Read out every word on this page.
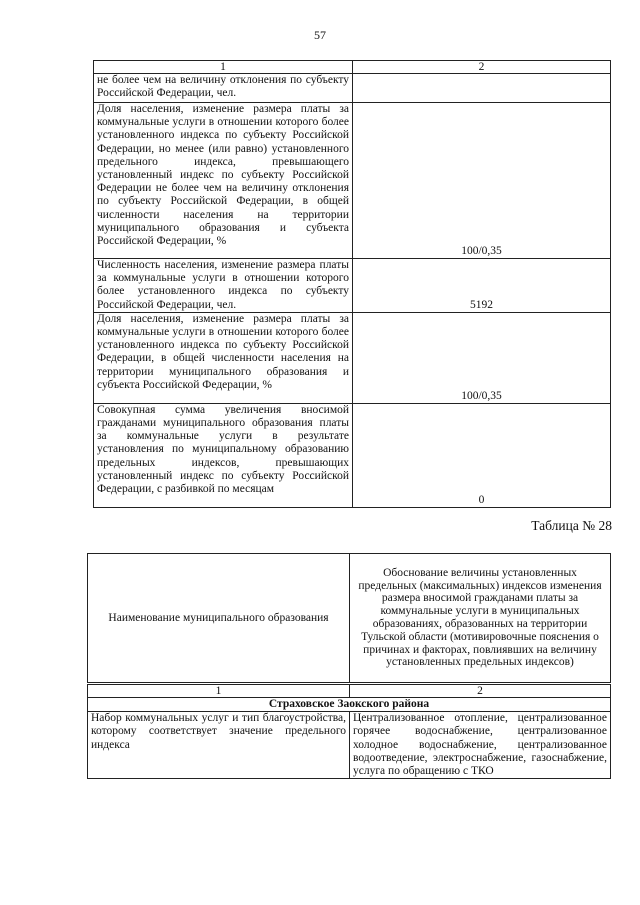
57
1	2
не более чем на величину отклонения по субъекту Российской Федерации, чел.	
Доля населения, изменение размера платы за коммунальные услуги в отношении которого более установленного индекса по субъекту Российской Федерации, но менее (или равно) установленного предельного индекса, превышающего установленный индекс по субъекту Российской Федерации не более чем на величину отклонения по субъекту Российской Федерации, в общей численности населения на территории муниципального образования и субъекта Российской Федерации, %	100/0,35
Численность населения, изменение размера платы за коммунальные услуги в отношении которого более установленного индекса по субъекту Российской Федерации, чел.	5192
Доля населения, изменение размера платы за коммунальные услуги в отношении которого более установленного индекса по субъекту Российской Федерации, в общей численности населения на территории муниципального образования и субъекта Российской Федерации, %	100/0,35
Совокупная сумма увеличения вносимой гражданами муниципального образования платы за коммунальные услуги в результате установления по муниципальному образованию предельных индексов, превышающих установленный индекс по субъекту Российской Федерации, с разбивкой по месяцам	0
Таблица № 28
Наименование муниципального образования	Обоснование величины установленных предельных (максимальных) индексов изменения размера вносимой гражданами платы за коммунальные услуги в муниципальных образованиях, образованных на территории Тульской области (мотивировочные пояснения о причинах и факторах, повлиявших на величину установленных предельных индексов)
1	2
Страховское Заокского района	
Набор коммунальных услуг и тип благоустройства, которому соответствует значение предельного индекса	Централизованное отопление, централизованное горячее водоснабжение, централизованное холодное водоснабжение, централизованное водоотведение, электроснабжение, газоснабжение, услуга по обращению с ТКО
